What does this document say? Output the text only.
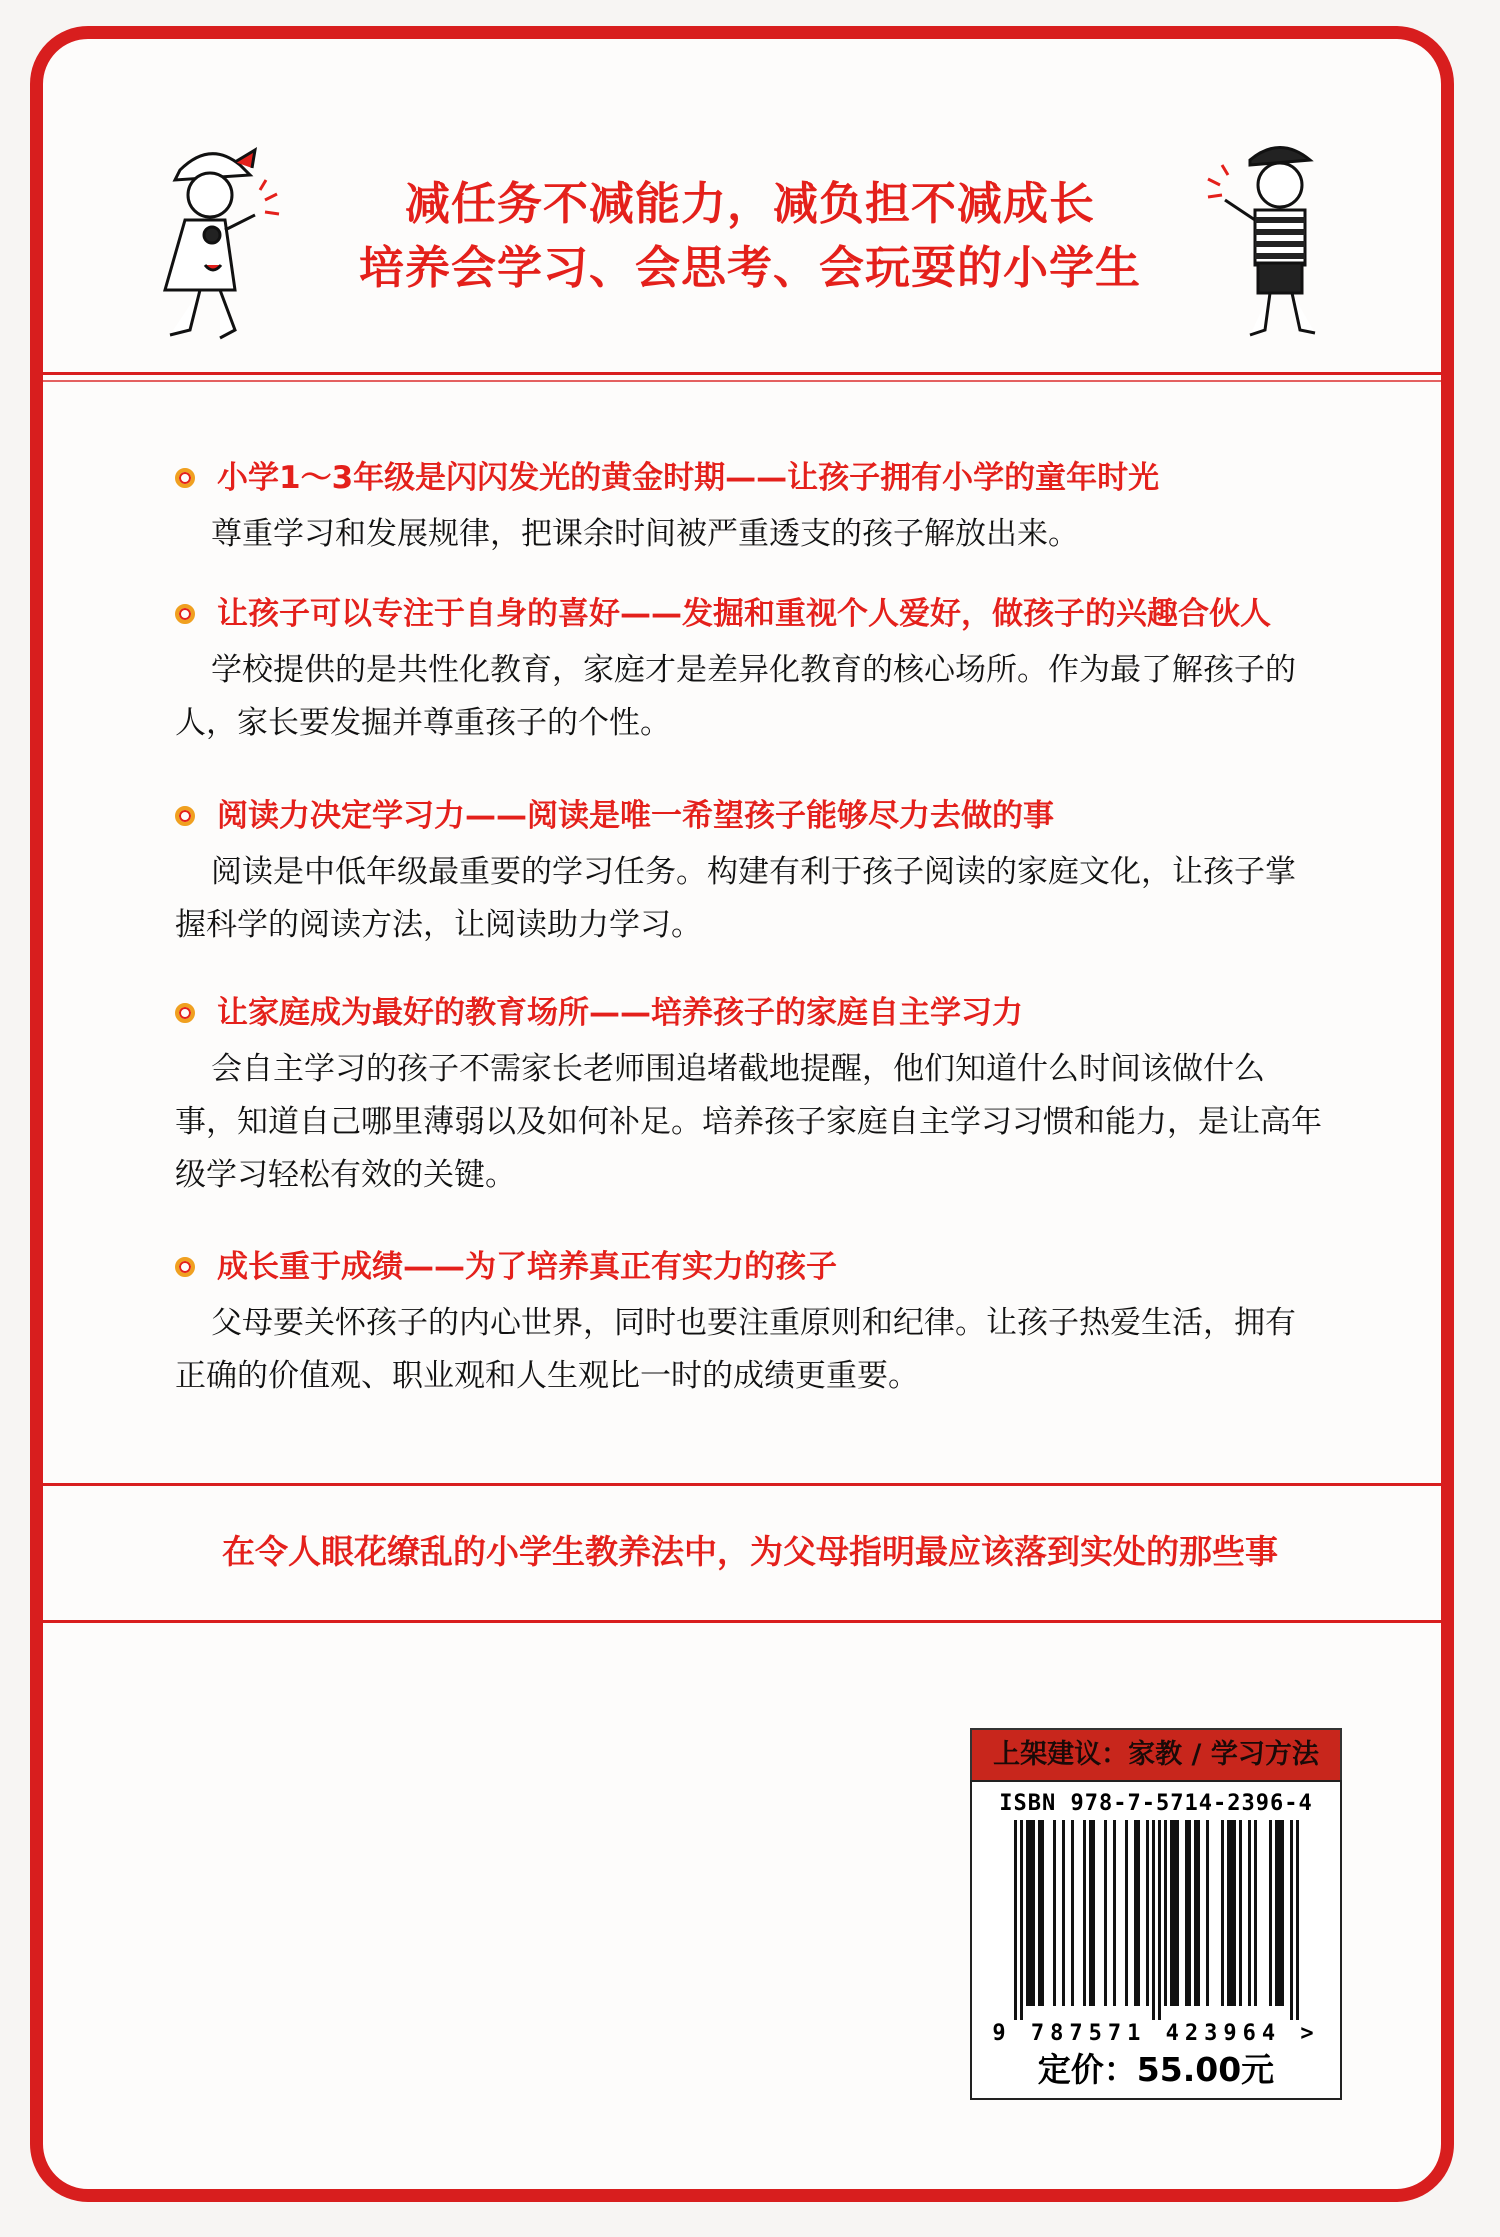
减任务不减能力，减负担不减成长
培养会学习、会思考、会玩耍的小学生
小学1～3年级是闪闪发光的黄金时期——让孩子拥有小学的童年时光
尊重学习和发展规律，把课余时间被严重透支的孩子解放出来。
让孩子可以专注于自身的喜好——发掘和重视个人爱好，做孩子的兴趣合伙人
学校提供的是共性化教育，家庭才是差异化教育的核心场所。作为最了解孩子的
人，家长要发掘并尊重孩子的个性。
阅读力决定学习力——阅读是唯一希望孩子能够尽力去做的事
阅读是中低年级最重要的学习任务。构建有利于孩子阅读的家庭文化，让孩子掌
握科学的阅读方法，让阅读助力学习。
让家庭成为最好的教育场所——培养孩子的家庭自主学习力
会自主学习的孩子不需家长老师围追堵截地提醒，他们知道什么时间该做什么
事，知道自己哪里薄弱以及如何补足。培养孩子家庭自主学习习惯和能力，是让高年
级学习轻松有效的关键。
成长重于成绩——为了培养真正有实力的孩子
父母要关怀孩子的内心世界，同时也要注重原则和纪律。让孩子热爱生活，拥有
正确的价值观、职业观和人生观比一时的成绩更重要。
在令人眼花缭乱的小学生教养法中，为父母指明最应该落到实处的那些事
上架建议：家教 / 学习方法
ISBN 978-7-5714-2396-4
9 787571 423964 >
定价：55.00元
